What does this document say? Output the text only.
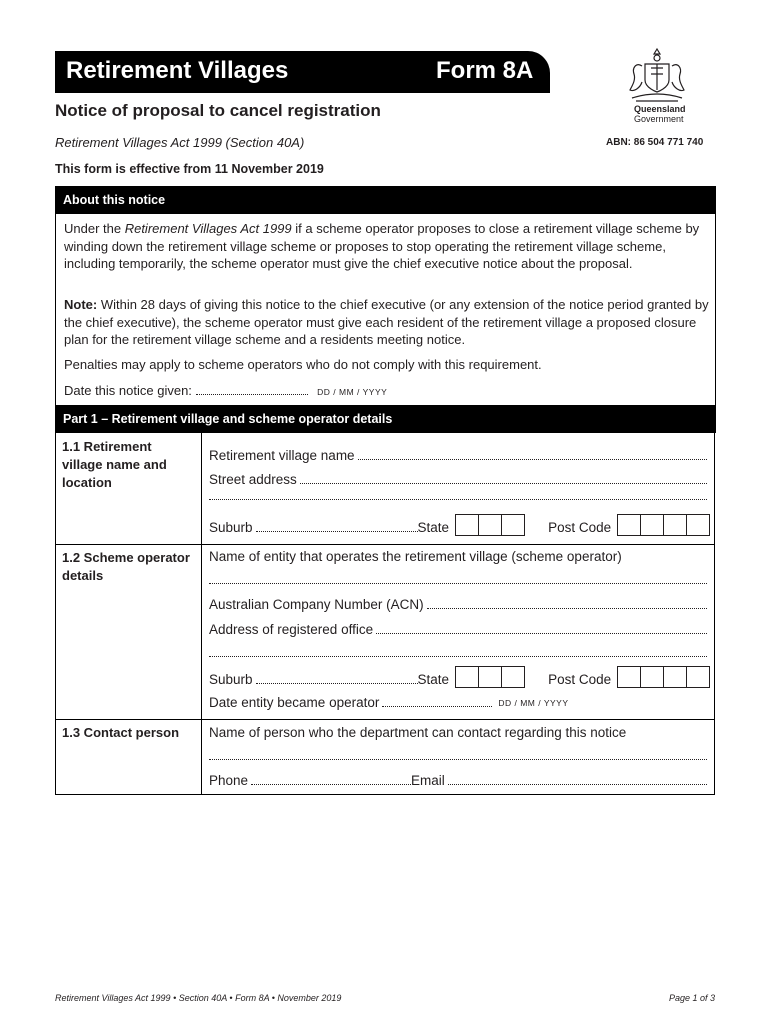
Retirement Villages	Form 8A
Notice of proposal to cancel registration
Retirement Villages Act 1999 (Section 40A)
This form is effective from 11 November 2019
Queensland
Government
ABN: 86 504 771 740
About this notice
Under the Retirement Villages Act 1999 if a scheme operator proposes to close a retirement village scheme by winding down the retirement village scheme or proposes to stop operating the retirement village scheme, including temporarily, the scheme operator must give the chief executive notice about the proposal.
Note: Within 28 days of giving this notice to the chief executive (or any extension of the notice period granted by the chief executive), the scheme operator must give each resident of the retirement village a proposed closure plan for the retirement village scheme and a residents meeting notice.
Penalties may apply to scheme operators who do not comply with this requirement.
Date this notice given:	DD / MM / YYYY
Part 1 – Retirement village and scheme operator details
1.1 Retirement village name and location
Retirement village name
Street address
Suburb	State	Post Code
1.2 Scheme operator details
Name of entity that operates the retirement village (scheme operator)
Australian Company Number (ACN)
Address of registered office
Suburb	State	Post Code
Date entity became operator	DD / MM / YYYY
1.3 Contact person	Name of person who the department can contact regarding this notice
Phone	Email
Retirement Villages Act 1999 • Section 40A • Form 8A • November 2019	Page 1 of 3
